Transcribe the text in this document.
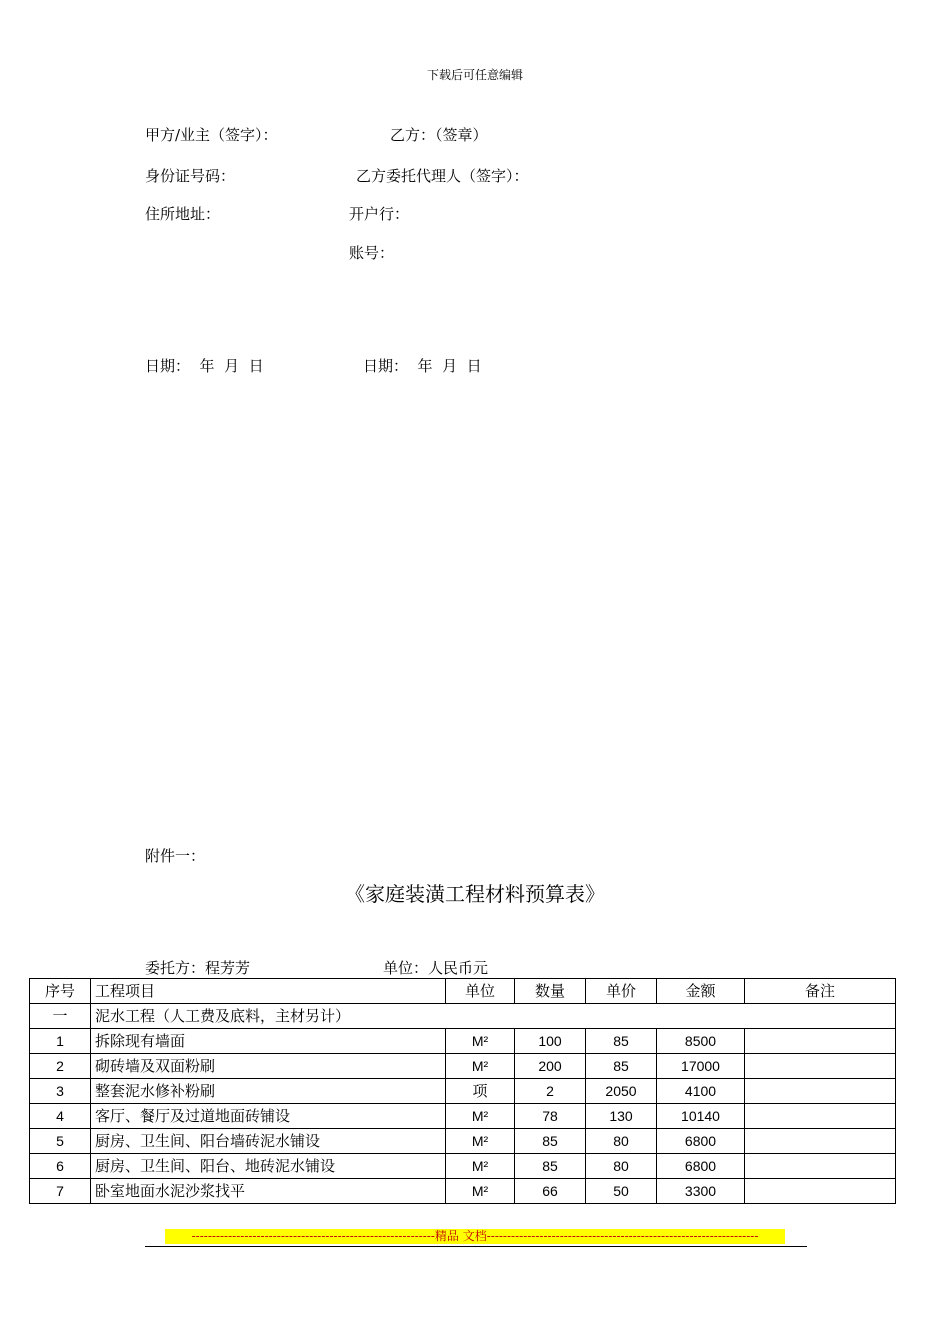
下载后可任意编辑
甲方/业主（签字）：	乙方：（签章）
身份证号码：	乙方委托代理人（签字）：
住所地址：	开户行：
账号：
日期：  年  月  日	日期：  年  月  日
附件一：
《家庭装潢工程材料预算表》
委托方：程芳芳	单位：人民币元
序号	工程项目	单位	数量	单价	金额	备注
一	泥水工程（人工费及底料，主材另计）					
1	拆除现有墙面	M²	100	85	8500	
2	砌砖墙及双面粉刷	M²	200	85	17000	
3	整套泥水修补粉刷	项	2	2050	4100	
4	客厅、餐厅及过道地面砖铺设	M²	78	130	10140	
5	厨房、卫生间、阳台墙砖泥水铺设	M²	85	80	6800	
6	厨房、卫生间、阳台、地砖泥水铺设	M²	85	80	6800	
7	卧室地面水泥沙浆找平	M²	66	50	3300	
------------------------------------------------------------精品 文档-------------------------------------------------------------------
